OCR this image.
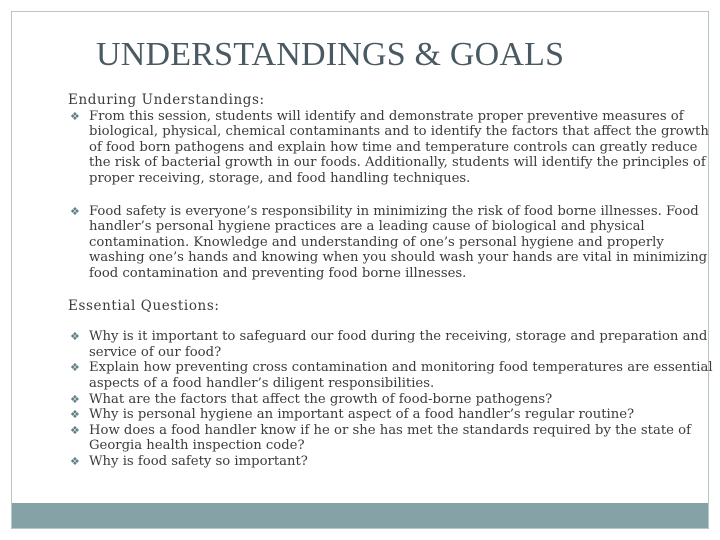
UNDERSTANDINGS & GOALS

Enduring Understandings:

❖ From this session, students will identify and demonstrate proper preventive measures of biological, physical, chemical contaminants and to identify the factors that affect the growth of food born pathogens and explain how time and temperature controls can greatly reduce the risk of bacterial growth in our foods. Additionally, students will identify the principles of proper receiving, storage, and food handling techniques.
❖ Food safety is everyone’s responsibility in minimizing the risk of food borne illnesses. Food handler’s personal hygiene practices are a leading cause of biological and physical contamination. Knowledge and understanding of one’s personal hygiene and properly washing one’s hands and knowing when you should wash your hands are vital in minimizing food contamination and preventing food borne illnesses.

Essential Questions:

❖ Why is it important to safeguard our food during the receiving, storage and preparation and service of our food?
❖ Explain how preventing cross contamination and monitoring food temperatures are essential aspects of a food handler’s diligent responsibilities.
❖ What are the factors that affect the growth of food-borne pathogens?
❖ Why is personal hygiene an important aspect of a food handler’s regular routine?
❖ How does a food handler know if he or she has met the standards required by the state of Georgia health inspection code?
❖ Why is food safety so important?
